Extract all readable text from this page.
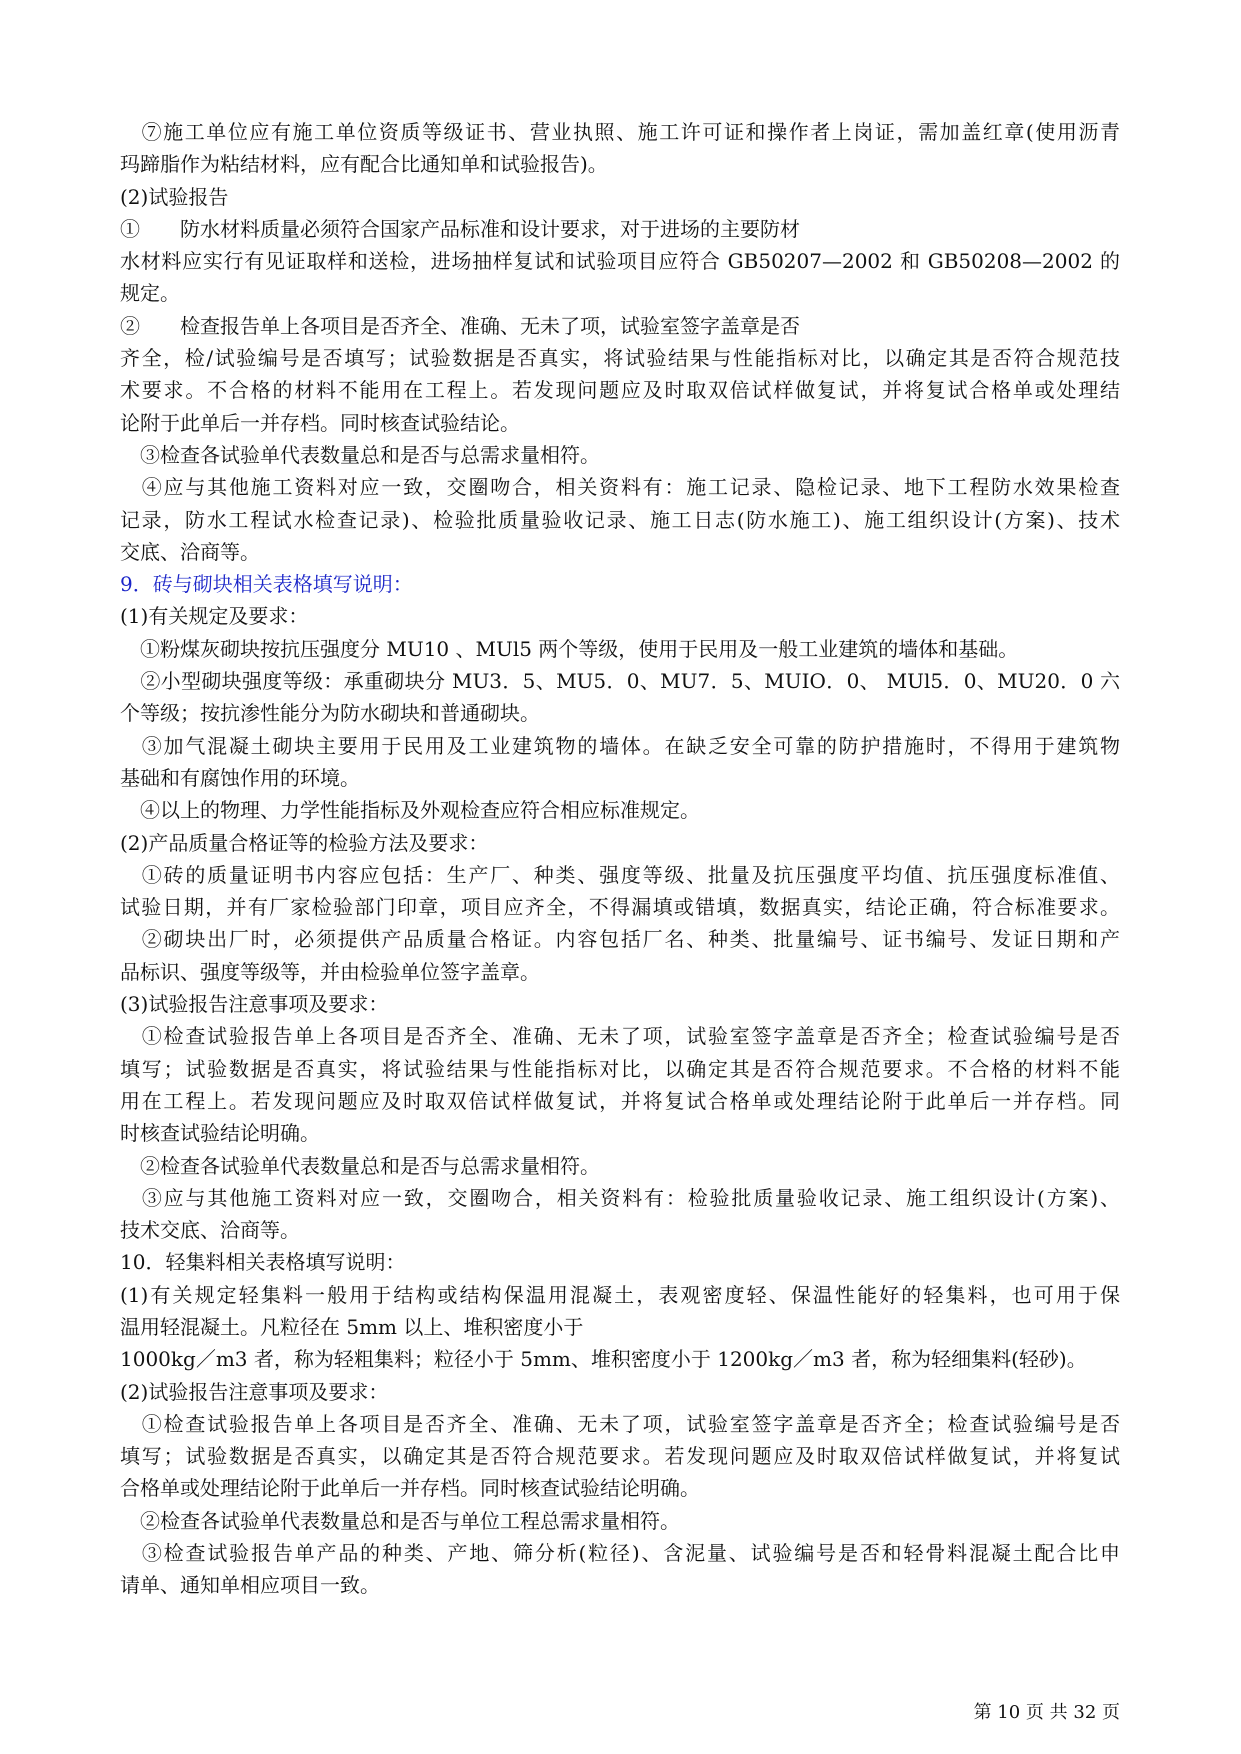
　⑦施工单位应有施工单位资质等级证书、营业执照、施工许可证和操作者上岗证，需加盖红章(使用沥青
玛蹄脂作为粘结材料，应有配合比通知单和试验报告)。
(2)试验报告
①　　防水材料质量必须符合国家产品标准和设计要求，对于进场的主要防材
水材料应实行有见证取样和送检，进场抽样复试和试验项目应符合 GB50207—2002 和 GB50208—2002 的
规定。
②　　检查报告单上各项目是否齐全、准确、无未了项，试验室签字盖章是否
齐全，检/试验编号是否填写；试验数据是否真实，将试验结果与性能指标对比，以确定其是否符合规范技
术要求。不合格的材料不能用在工程上。若发现问题应及时取双倍试样做复试，并将复试合格单或处理结
论附于此单后一并存档。同时核查试验结论。
　③检查各试验单代表数量总和是否与总需求量相符。
　④应与其他施工资料对应一致，交圈吻合，相关资料有：施工记录、隐检记录、地下工程防水效果检查
记录，防水工程试水检查记录)、检验批质量验收记录、施工日志(防水施工)、施工组织设计(方案)、技术
交底、洽商等。
9．砖与砌块相关表格填写说明：
(1)有关规定及要求：
　①粉煤灰砌块按抗压强度分 MU10 、MUl5 两个等级，使用于民用及一般工业建筑的墙体和基础。
　②小型砌块强度等级：承重砌块分 MU3．5、MU5．0、MU7．5、MUIO．0、 MUl5．0、MU20．0 六
个等级；按抗渗性能分为防水砌块和普通砌块。
　③加气混凝土砌块主要用于民用及工业建筑物的墙体。在缺乏安全可靠的防护措施时，不得用于建筑物
基础和有腐蚀作用的环境。
　④以上的物理、力学性能指标及外观检查应符合相应标准规定。
(2)产品质量合格证等的检验方法及要求：
　①砖的质量证明书内容应包括：生产厂、种类、强度等级、批量及抗压强度平均值、抗压强度标准值、
试验日期，并有厂家检验部门印章，项目应齐全，不得漏填或错填，数据真实，结论正确，符合标准要求。
　②砌块出厂时，必须提供产品质量合格证。内容包括厂名、种类、批量编号、证书编号、发证日期和产
品标识、强度等级等，并由检验单位签字盖章。
(3)试验报告注意事项及要求：
　①检查试验报告单上各项目是否齐全、准确、无未了项，试验室签字盖章是否齐全；检查试验编号是否
填写；试验数据是否真实，将试验结果与性能指标对比，以确定其是否符合规范要求。不合格的材料不能
用在工程上。若发现问题应及时取双倍试样做复试，并将复试合格单或处理结论附于此单后一并存档。同
时核查试验结论明确。
　②检查各试验单代表数量总和是否与总需求量相符。
　③应与其他施工资料对应一致，交圈吻合，相关资料有：检验批质量验收记录、施工组织设计(方案)、
技术交底、洽商等。
10．轻集料相关表格填写说明：
(1)有关规定轻集料一般用于结构或结构保温用混凝土，表观密度轻、保温性能好的轻集料，也可用于保
温用轻混凝土。凡粒径在 5mm 以上、堆积密度小于
1000kg／m3 者，称为轻粗集料；粒径小于 5mm、堆积密度小于 1200kg／m3 者，称为轻细集料(轻砂)。
(2)试验报告注意事项及要求：
　①检查试验报告单上各项目是否齐全、准确、无未了项，试验室签字盖章是否齐全；检查试验编号是否
填写；试验数据是否真实，以确定其是否符合规范要求。若发现问题应及时取双倍试样做复试，并将复试
合格单或处理结论附于此单后一并存档。同时核查试验结论明确。
　②检查各试验单代表数量总和是否与单位工程总需求量相符。
　③检查试验报告单产品的种类、产地、筛分析(粒径)、含泥量、试验编号是否和轻骨料混凝土配合比申
请单、通知单相应项目一致。
第 10 页 共 32 页
